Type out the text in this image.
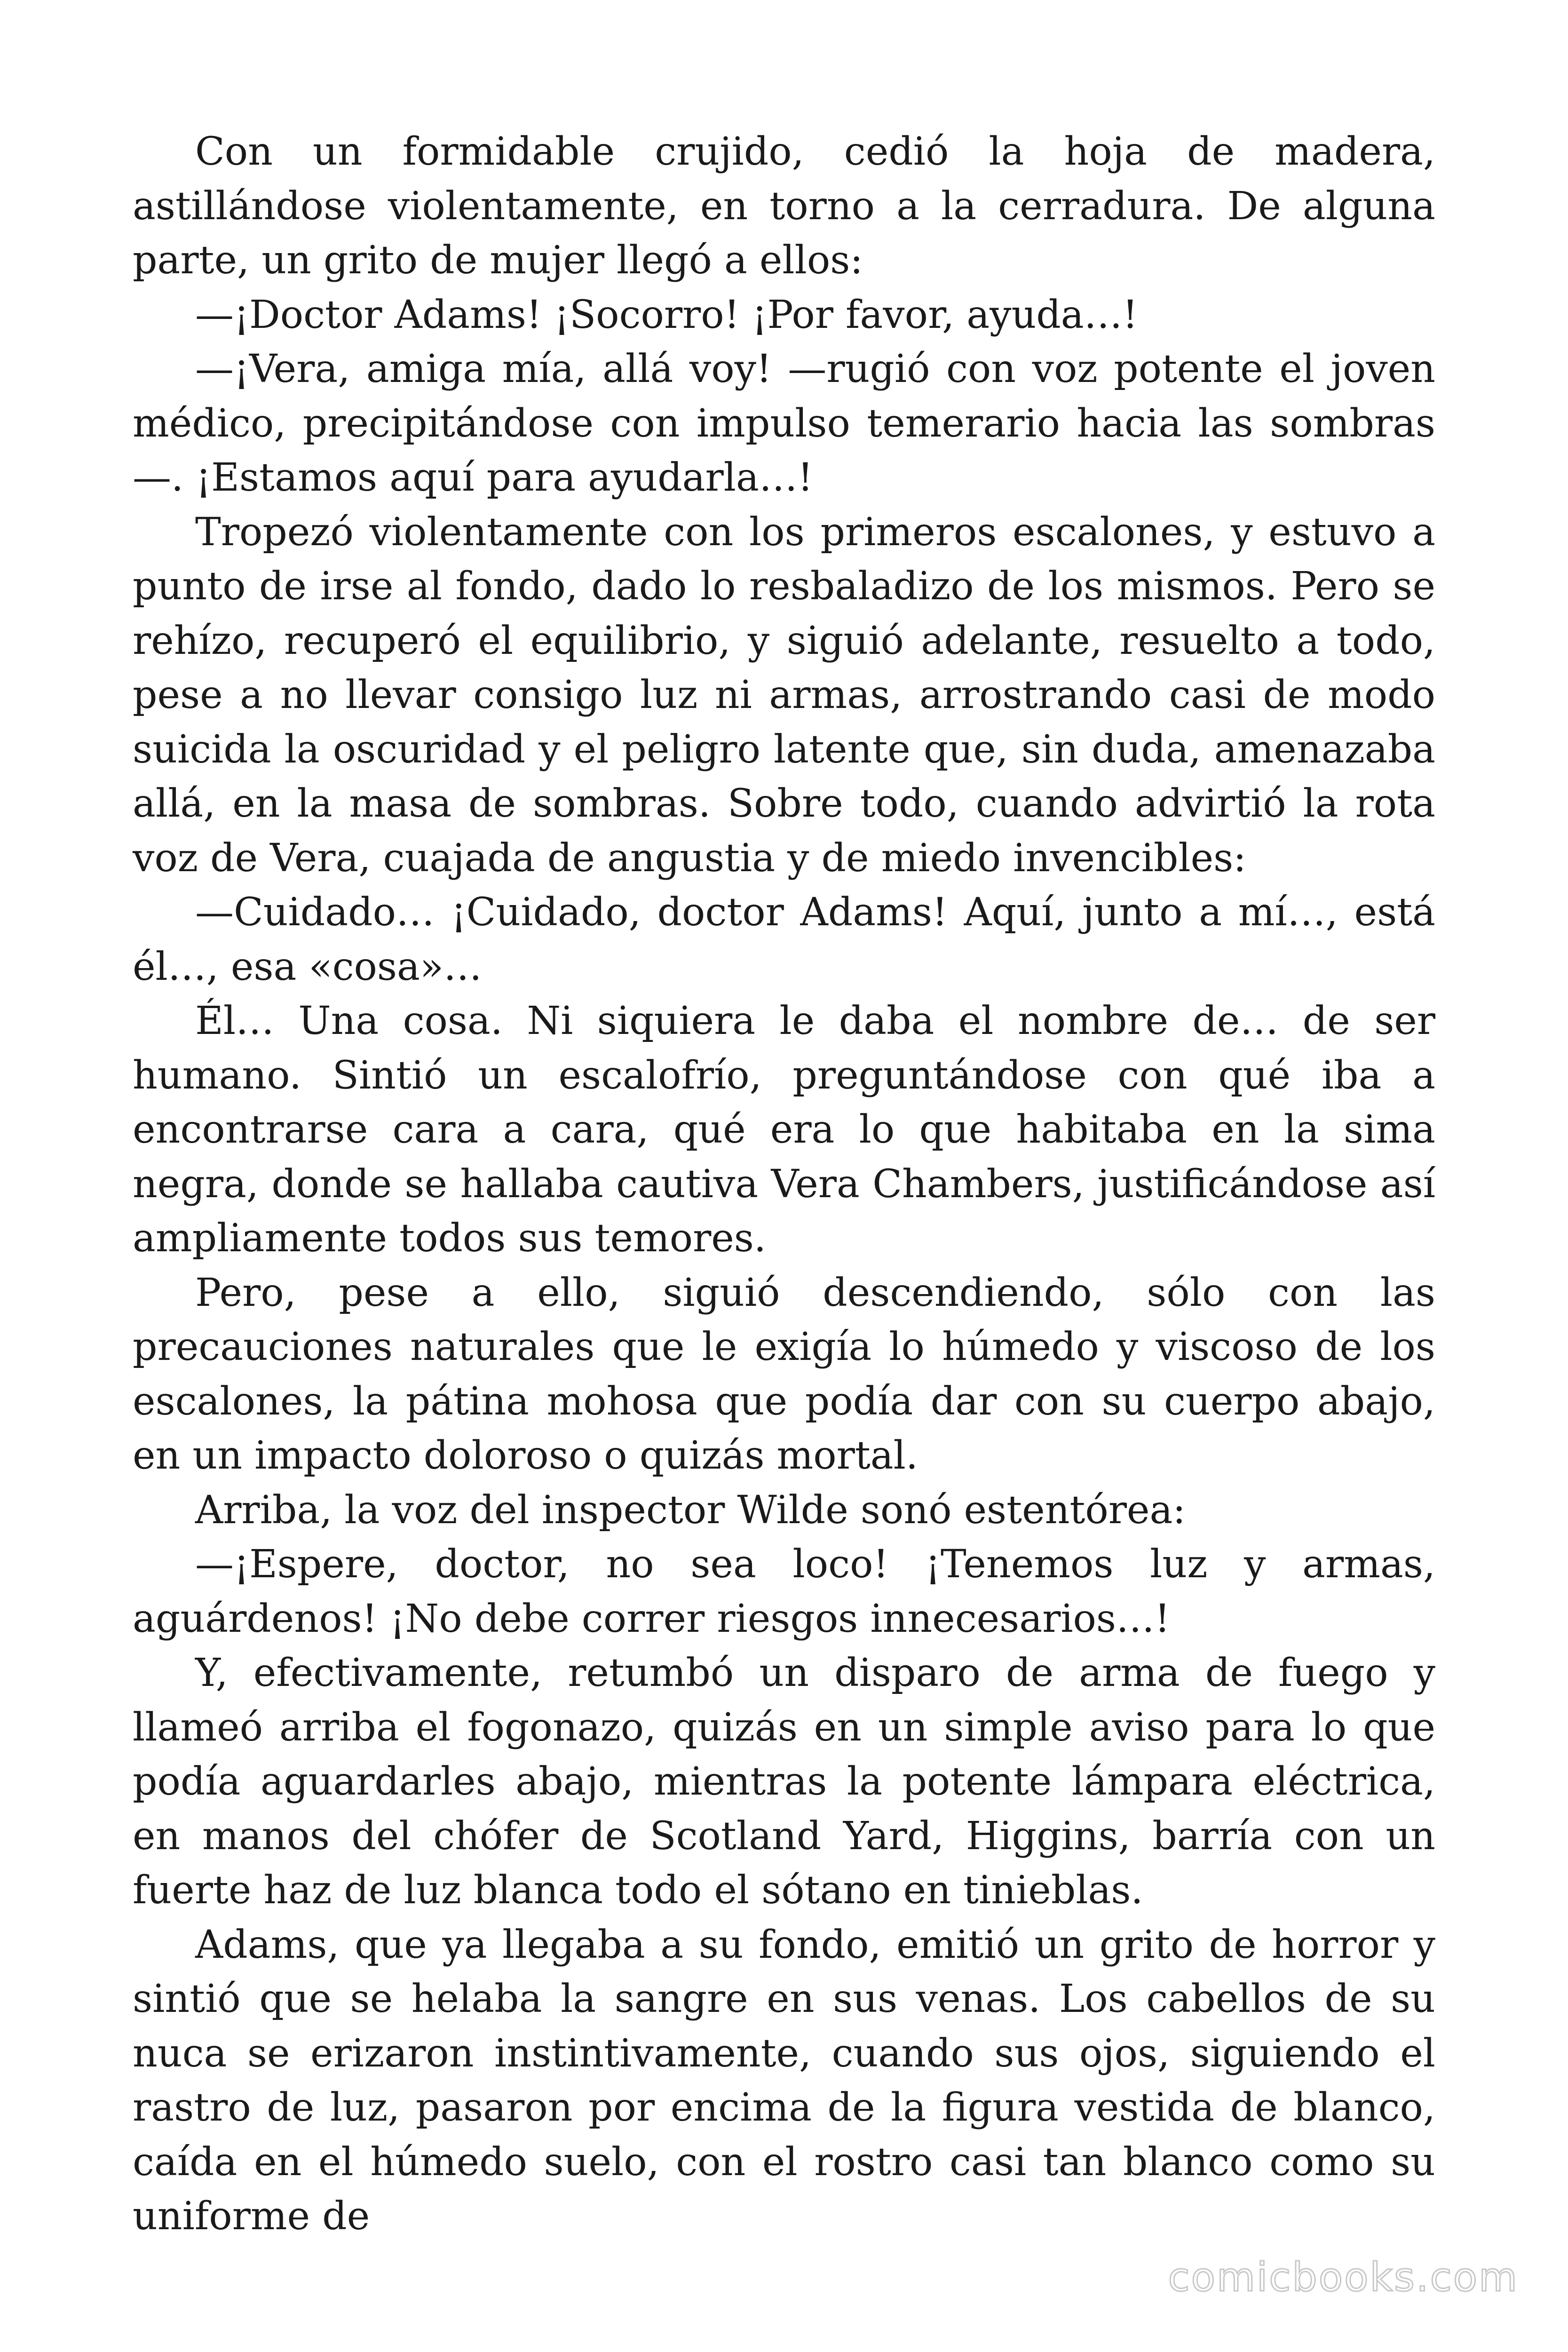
Con un formidable crujido, cedió la hoja de madera, astillándose violentamente, en torno a la cerradura. De alguna parte, un grito de mujer llegó a ellos:

—¡Doctor Adams! ¡Socorro! ¡Por favor, ayuda…!

—¡Vera, amiga mía, allá voy! —rugió con voz potente el joven médico, precipitándose con impulso temerario hacia las sombras—. ¡Estamos aquí para ayudarla…!

Tropezó violentamente con los primeros escalones, y estuvo a punto de irse al fondo, dado lo resbaladizo de los mismos. Pero se rehízo, recuperó el equilibrio, y siguió adelante, resuelto a todo, pese a no llevar consigo luz ni armas, arrostrando casi de modo suicida la oscuridad y el peligro latente que, sin duda, amenazaba allá, en la masa de sombras. Sobre todo, cuando advirtió la rota voz de Vera, cuajada de angustia y de miedo invencibles:

—Cuidado… ¡Cuidado, doctor Adams! Aquí, junto a mí…, está él…, esa «cosa»…

Él… Una cosa. Ni siquiera le daba el nombre de… de ser humano. Sintió un escalofrío, preguntándose con qué iba a encontrarse cara a cara, qué era lo que habitaba en la sima negra, donde se hallaba cautiva Vera Chambers, justificándose así ampliamente todos sus temores.

Pero, pese a ello, siguió descendiendo, sólo con las precauciones naturales que le exigía lo húmedo y viscoso de los escalones, la pátina mohosa que podía dar con su cuerpo abajo, en un impacto doloroso o quizás mortal.

Arriba, la voz del inspector Wilde sonó estentórea:

—¡Espere, doctor, no sea loco! ¡Tenemos luz y armas, aguárdenos! ¡No debe correr riesgos innecesarios…!

Y, efectivamente, retumbó un disparo de arma de fuego y llameó arriba el fogonazo, quizás en un simple aviso para lo que podía aguardarles abajo, mientras la potente lámpara eléctrica, en manos del chófer de Scotland Yard, Higgins, barría con un fuerte haz de luz blanca todo el sótano en tinieblas.

Adams, que ya llegaba a su fondo, emitió un grito de horror y sintió que se helaba la sangre en sus venas. Los cabellos de su nuca se erizaron instintivamente, cuando sus ojos, siguiendo el rastro de luz, pasaron por encima de la figura vestida de blanco, caída en el húmedo suelo, con el rostro casi tan blanco como su uniforme de

comicbooks.com
